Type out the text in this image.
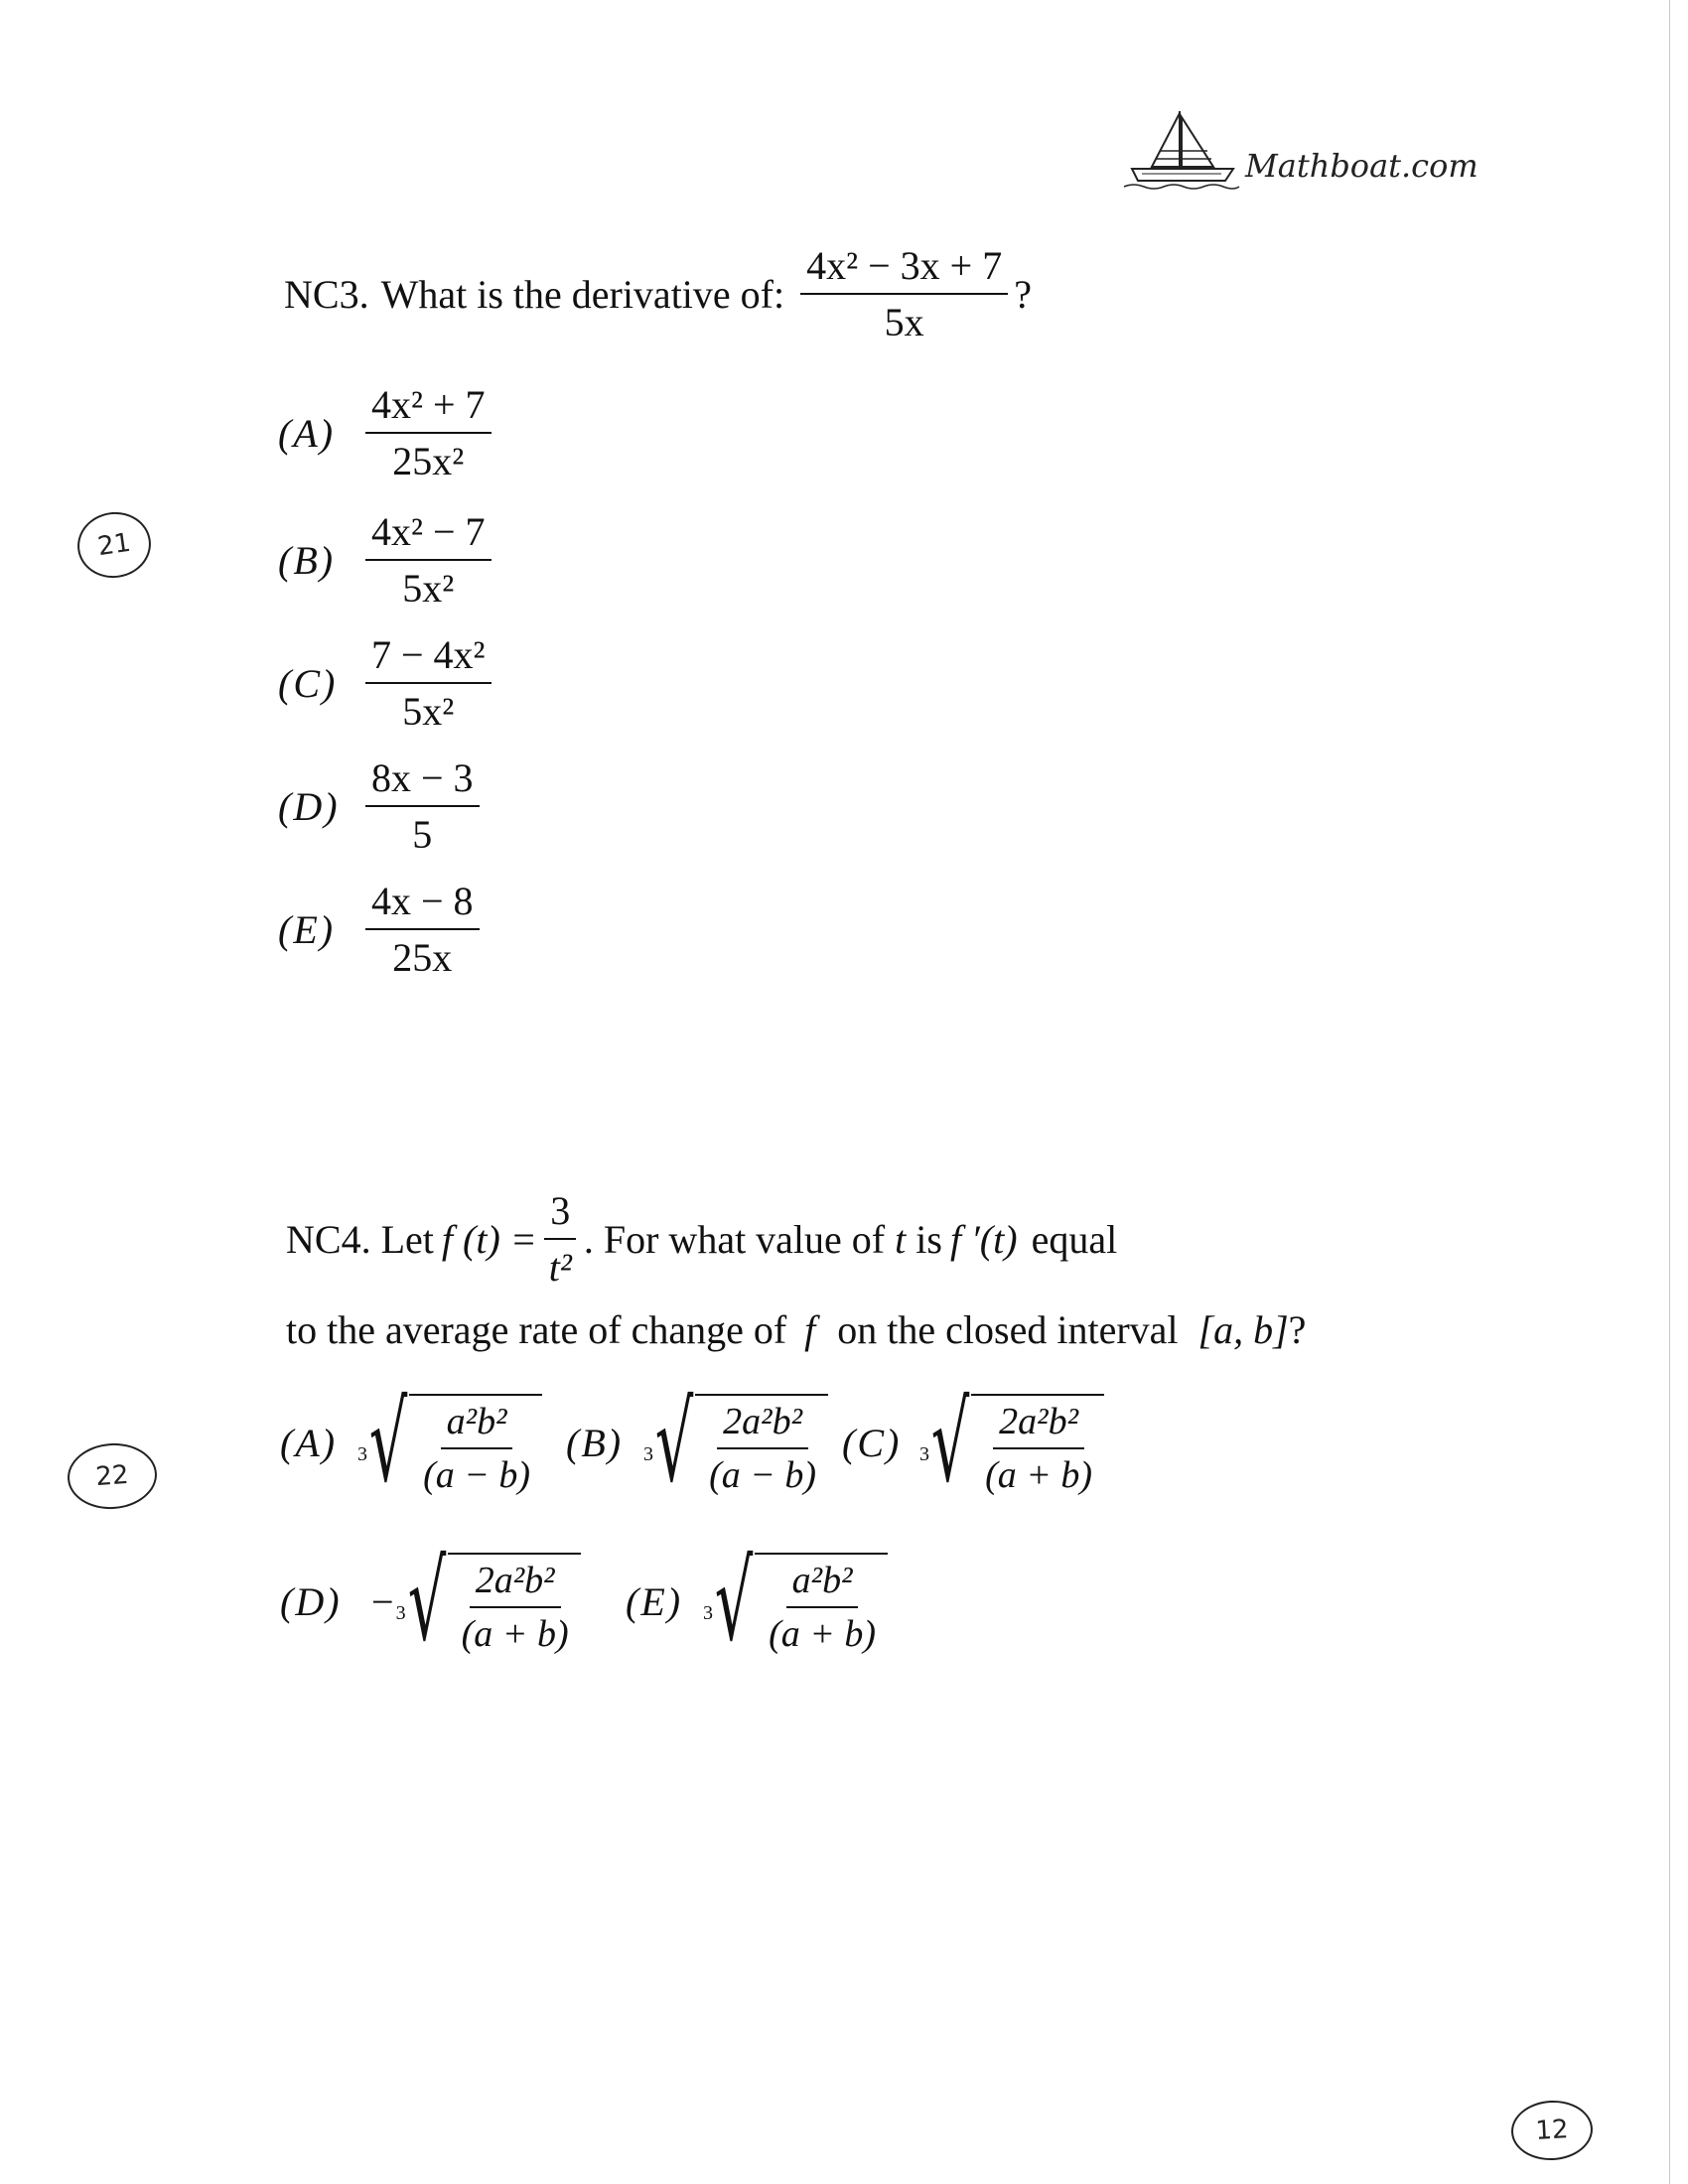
Mathboat.com
NC3. What is the derivative of: $\frac{\text{4x² − 3x + 7}}{5x}$ ?
$(A) \frac{\text{4x² + 7}}{\text{25x²}}$
$(B) \frac{\text{4x² − 7}}{\text{5x²}}$
$(C) \frac{\text{7 − 4x²}}{\text{5x²}}$
$(D) \frac{8x - 3}{5}$
$(E) \frac{4x - 8}{25x}$
NC4. Let f $(t) = \frac{3}{\text{t²}}$ . For what value of t is f ′(t) equal
to the average rate of change of f on the closed interval [a, b]?
(A)	3 √ $\frac{\text{a²b²}}{(a - b)} (B)$	3 √ $\frac{\text{2a²b²}}{(a - b)} (C)$ 3 √ $\frac{\text{2a²b²}}{(a + b)}$
(D) − 3 √ $\frac{\text{2a²b²}}{(a + b)} (E)$	3 √ $\frac{\text{a²b²}}{(a + b)}$
21
22
12
